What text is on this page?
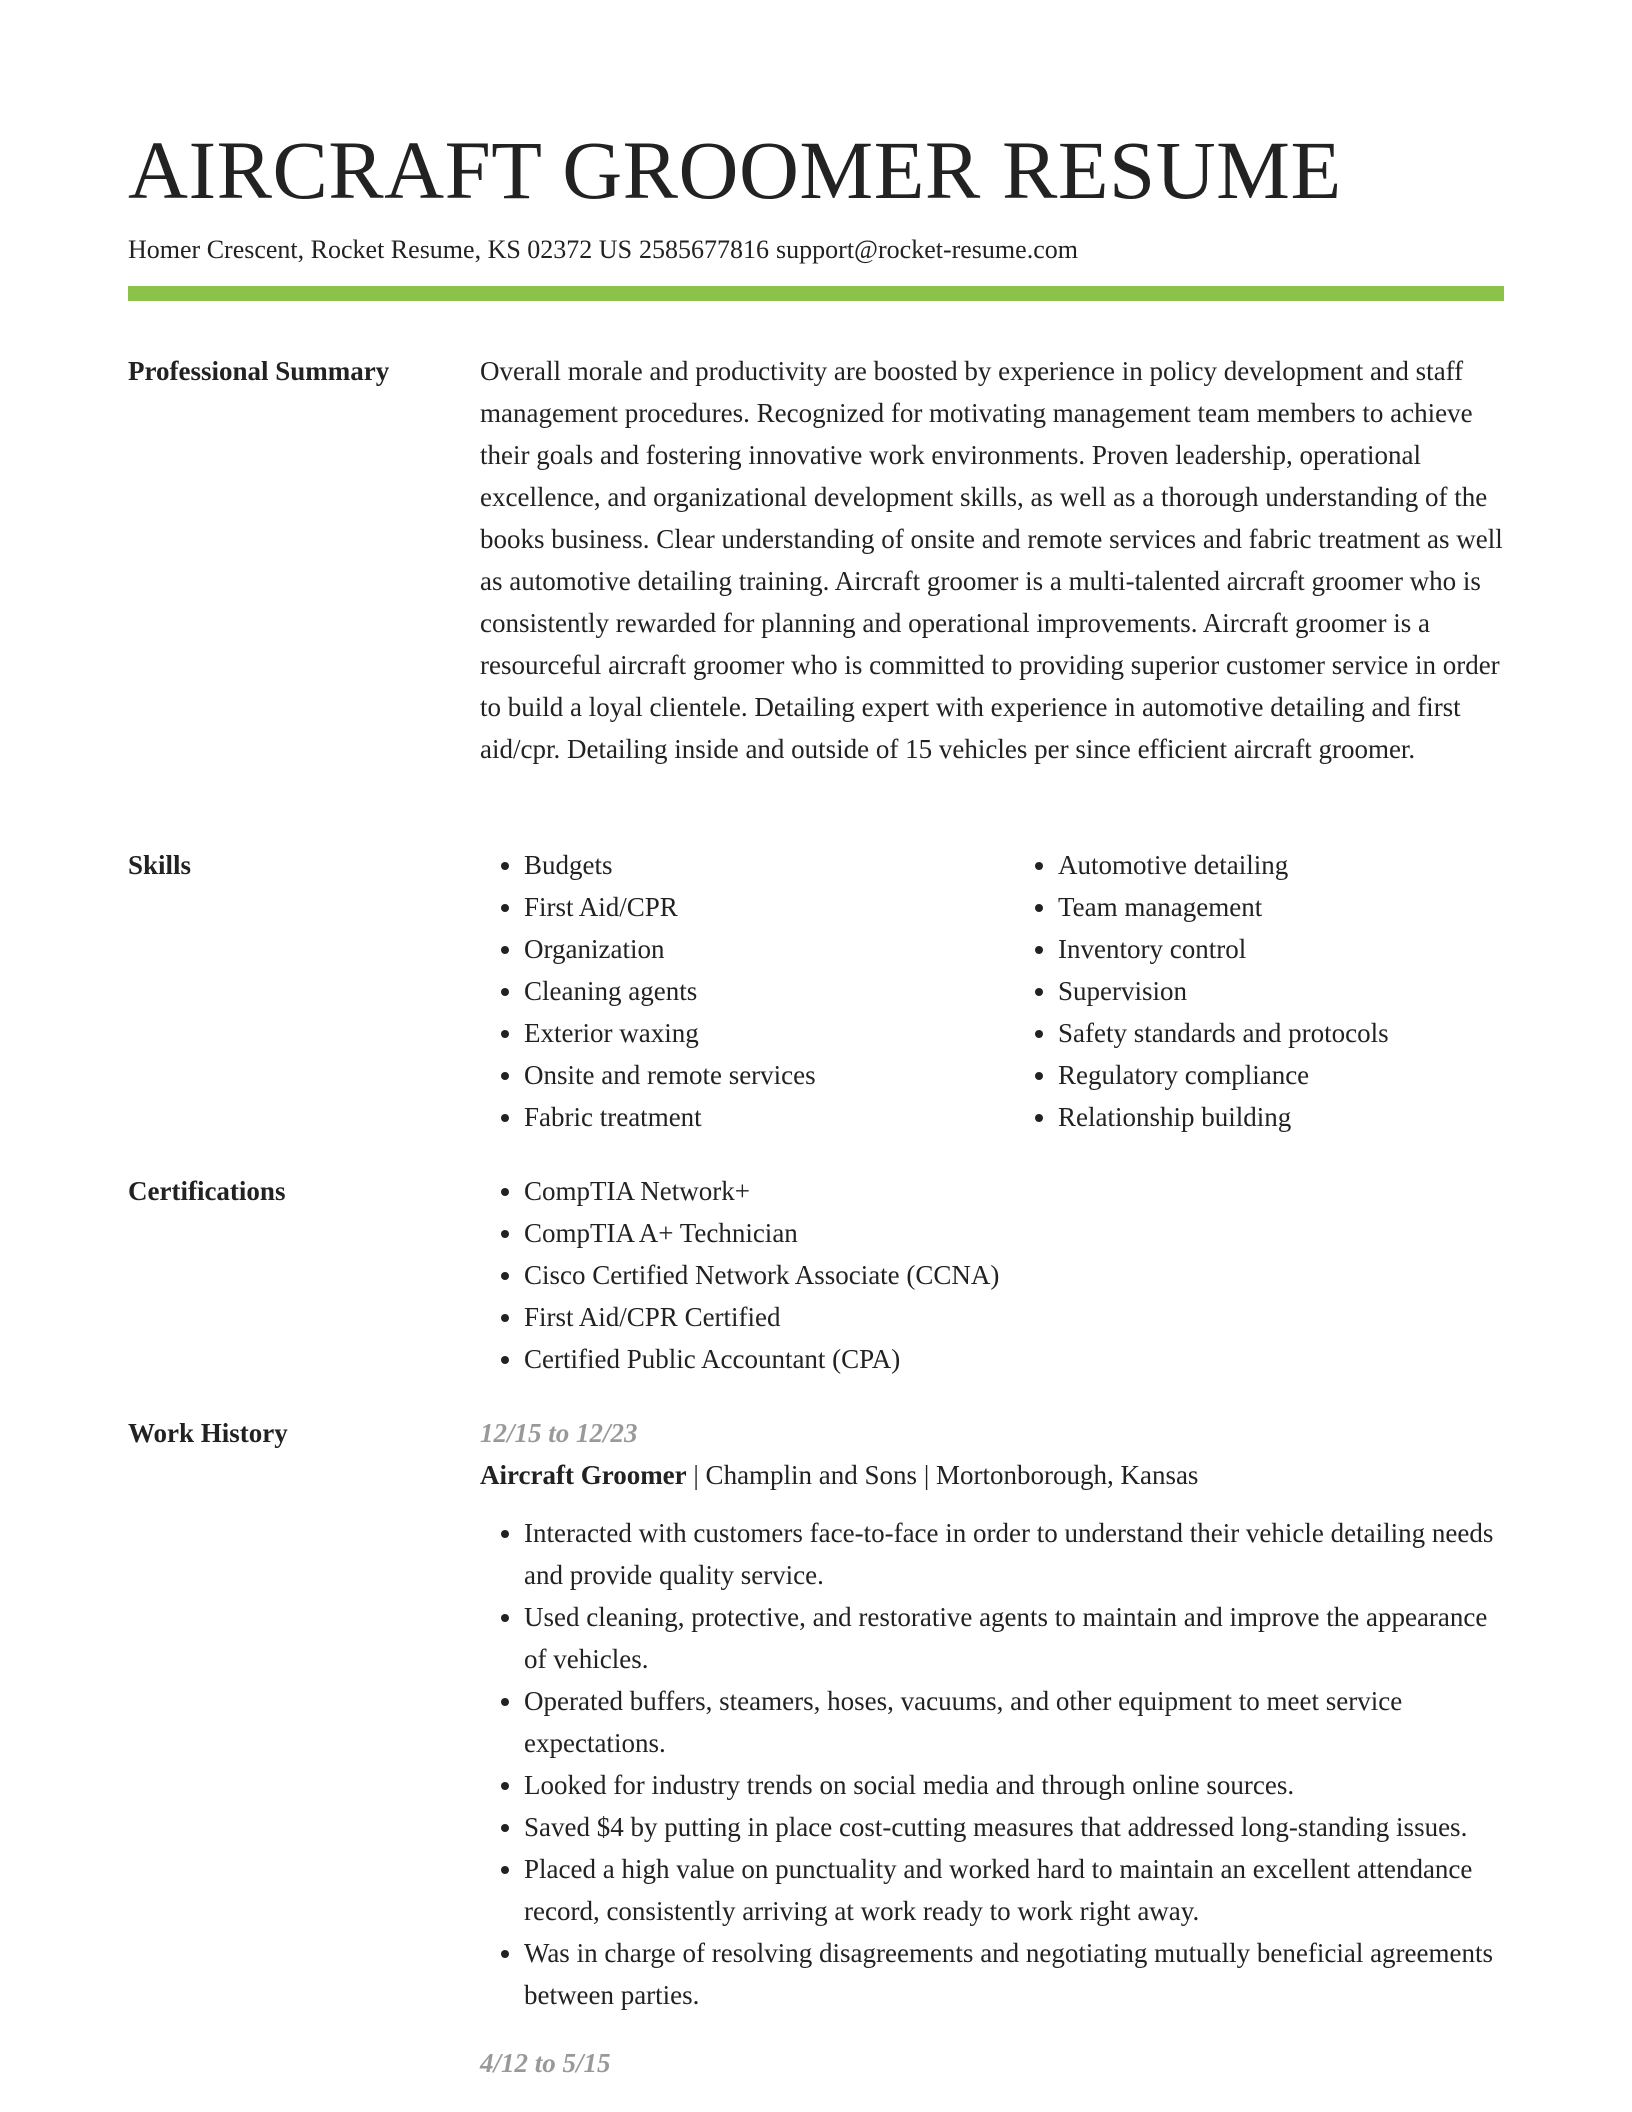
AIRCRAFT GROOMER RESUME
Homer Crescent, Rocket Resume, KS 02372 US 2585677816 support@rocket-resume.com
Professional Summary	Overall morale and productivity are boosted by experience in policy development and staff management procedures. Recognized for motivating management team members to achieve their goals and fostering innovative work environments. Proven leadership, operational excellence, and organizational development skills, as well as a thorough understanding of the books business. Clear understanding of onsite and remote services and fabric treatment as well as automotive detailing training. Aircraft groomer is a multi-talented aircraft groomer who is consistently rewarded for planning and operational improvements. Aircraft groomer is a resourceful aircraft groomer who is committed to providing superior customer service in order to build a loyal clientele. Detailing expert with experience in automotive detailing and first aid/cpr. Detailing inside and outside of 15 vehicles per since efficient aircraft groomer.

Skills	• Budgets
• First Aid/CPR
• Organization
• Cleaning agents
• Exterior waxing
• Onsite and remote services
• Fabric treatment
• Automotive detailing
• Team management
• Inventory control
• Supervision
• Safety standards and protocols
• Regulatory compliance
• Relationship building
Certifications	• CompTIA Network+
• CompTIA A+ Technician
• Cisco Certified Network Associate (CCNA)
• First Aid/CPR Certified
• Certified Public Accountant (CPA)
Work History	12/15 to 12/23
Aircraft Groomer | Champlin and Sons | Mortonborough, Kansas
• Interacted with customers face-to-face in order to understand their vehicle detailing needs and provide quality service.
• Used cleaning, protective, and restorative agents to maintain and improve the appearance of vehicles.
• Operated buffers, steamers, hoses, vacuums, and other equipment to meet service expectations.
• Looked for industry trends on social media and through online sources.
• Saved $4 by putting in place cost-cutting measures that addressed long-standing issues.
• Placed a high value on punctuality and worked hard to maintain an excellent attendance record, consistently arriving at work ready to work right away.
• Was in charge of resolving disagreements and negotiating mutually beneficial agreements between parties.
4/12 to 5/15
